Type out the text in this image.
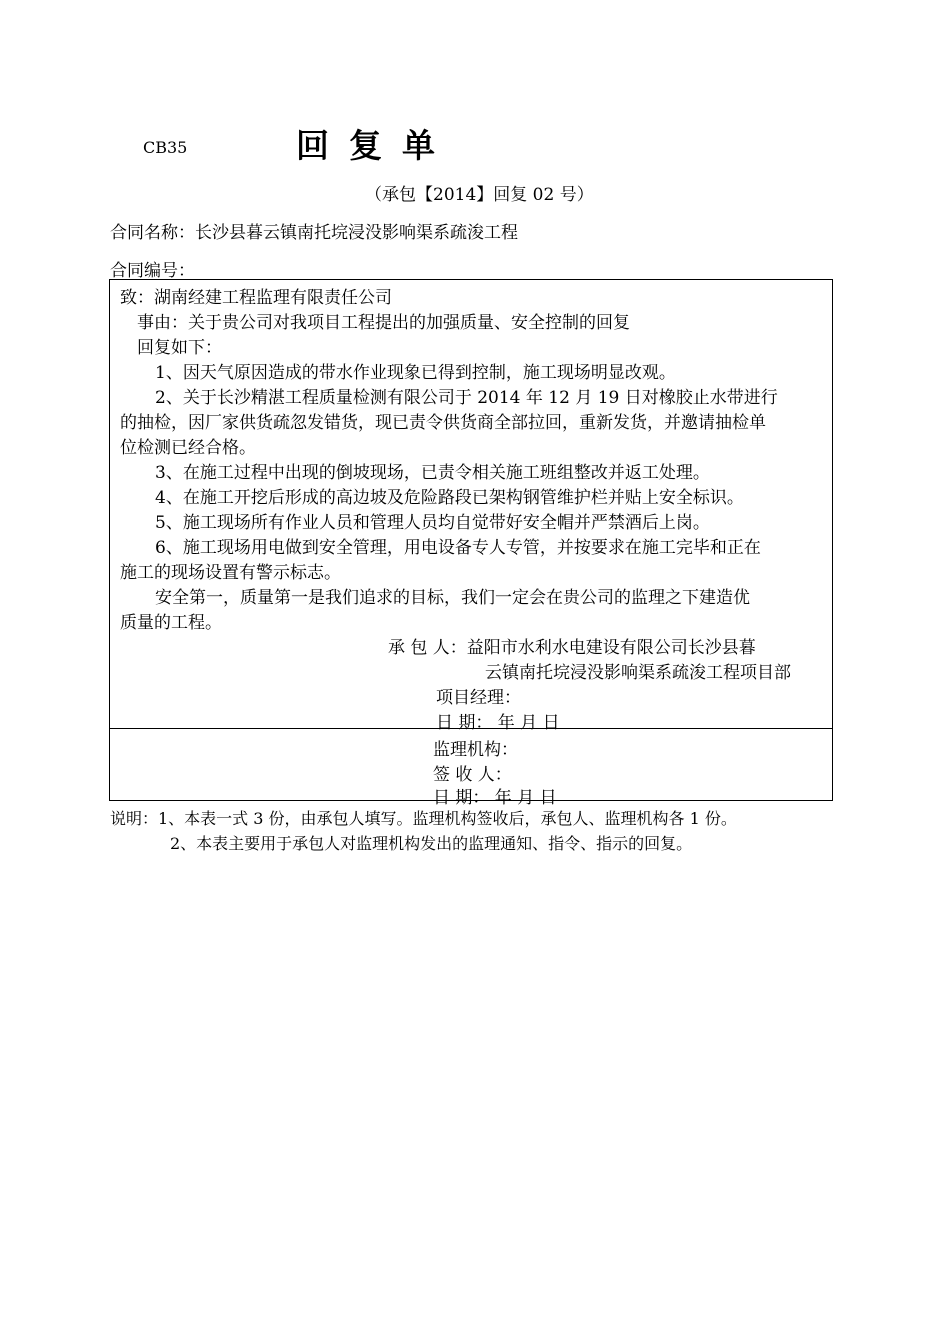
CB35	回复单
（承包【2014】回复 02 号）
合同名称：长沙县暮云镇南托垸浸没影响渠系疏浚工程
合同编号：
致：湖南经建工程监理有限责任公司
事由：关于贵公司对我项目工程提出的加强质量、安全控制的回复
回复如下：
1、因天气原因造成的带水作业现象已得到控制，施工现场明显改观。
2、关于长沙精湛工程质量检测有限公司于 2014 年 12 月 19 日对橡胶止水带进行
的抽检，因厂家供货疏忽发错货，现已责令供货商全部拉回，重新发货，并邀请抽检单
位检测已经合格。
3、在施工过程中出现的倒坡现场，已责令相关施工班组整改并返工处理。
4、在施工开挖后形成的高边坡及危险路段已架构钢管维护栏并贴上安全标识。
5、施工现场所有作业人员和管理人员均自觉带好安全帽并严禁酒后上岗。
6、施工现场用电做到安全管理，用电设备专人专管，并按要求在施工完毕和正在
施工的现场设置有警示标志。
安全第一，质量第一是我们追求的目标，我们一定会在贵公司的监理之下建造优
质量的工程。
承 包 人：益阳市水利水电建设有限公司长沙县暮
云镇南托垸浸没影响渠系疏浚工程项目部
项目经理：
日 期： 年 月 日
监理机构：
签 收 人：
日 期： 年 月 日
说明：1、本表一式 3 份，由承包人填写。监理机构签收后，承包人、监理机构各 1 份。
2、本表主要用于承包人对监理机构发出的监理通知、指令、指示的回复。
